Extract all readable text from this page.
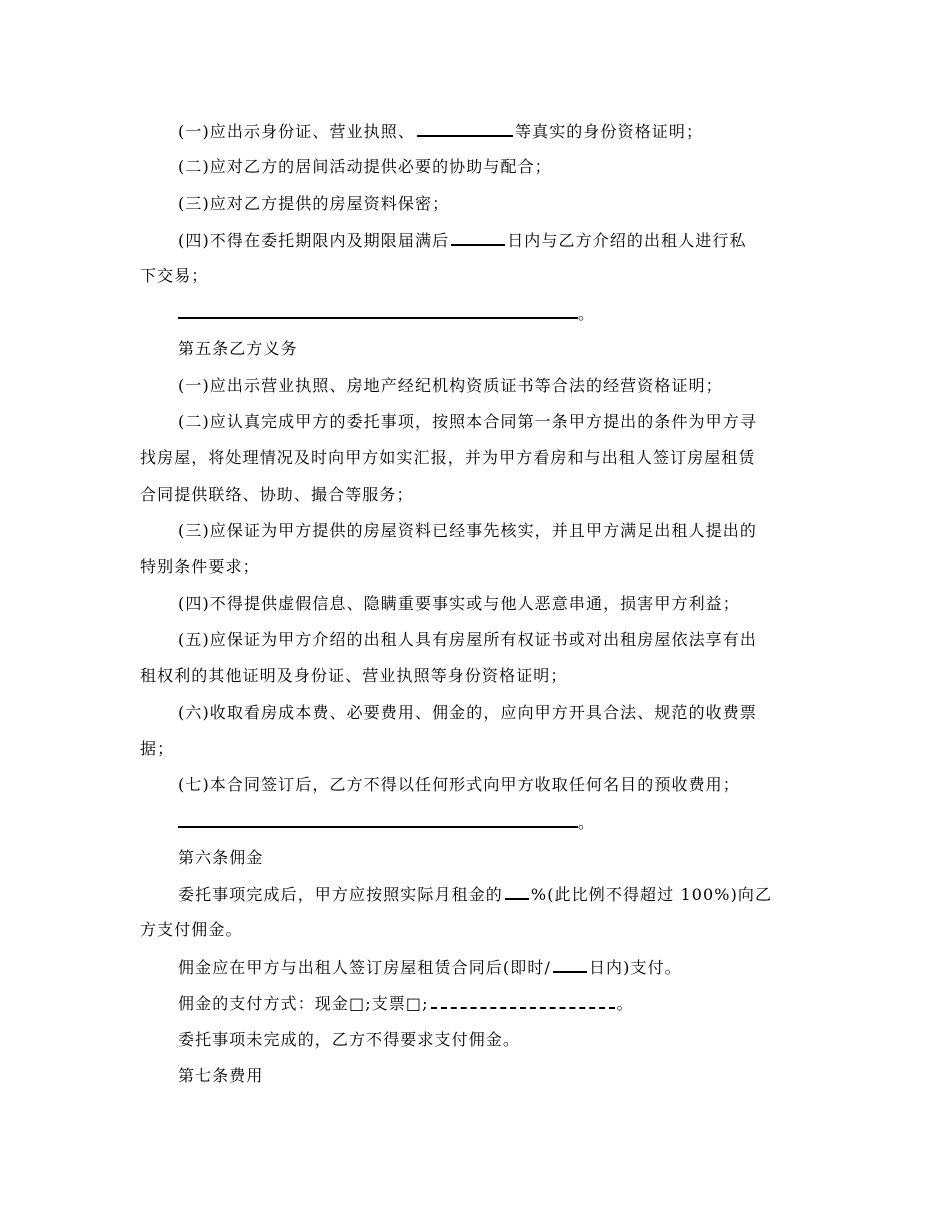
(一)应出示身份证、营业执照、	等真实的身份资格证明；
(二)应对乙方的居间活动提供必要的协助与配合；
(三)应对乙方提供的房屋资料保密；
(四)不得在委托期限内及期限届满后	日内与乙方介绍的出租人进行私
下交易；
。
第五条乙方义务
(一)应出示营业执照、房地产经纪机构资质证书等合法的经营资格证明；
(二)应认真完成甲方的委托事项，按照本合同第一条甲方提出的条件为甲方寻
找房屋，将处理情况及时向甲方如实汇报，并为甲方看房和与出租人签订房屋租赁
合同提供联络、协助、撮合等服务；
(三)应保证为甲方提供的房屋资料已经事先核实，并且甲方满足出租人提出的
特别条件要求；
(四)不得提供虚假信息、隐瞒重要事实或与他人恶意串通，损害甲方利益；
(五)应保证为甲方介绍的出租人具有房屋所有权证书或对出租房屋依法享有出
租权利的其他证明及身份证、营业执照等身份资格证明；
(六)收取看房成本费、必要费用、佣金的，应向甲方开具合法、规范的收费票
据；
(七)本合同签订后，乙方不得以任何形式向甲方收取任何名目的预收费用；
。
第六条佣金
委托事项完成后，甲方应按照实际月租金的 %(此比例不得超过 100%)向乙
方支付佣金。
佣金应在甲方与出租人签订房屋租赁合同后(即时/ 日内)支付。
佣金的支付方式：现金□;支票□;	。
委托事项未完成的，乙方不得要求支付佣金。
第七条费用
